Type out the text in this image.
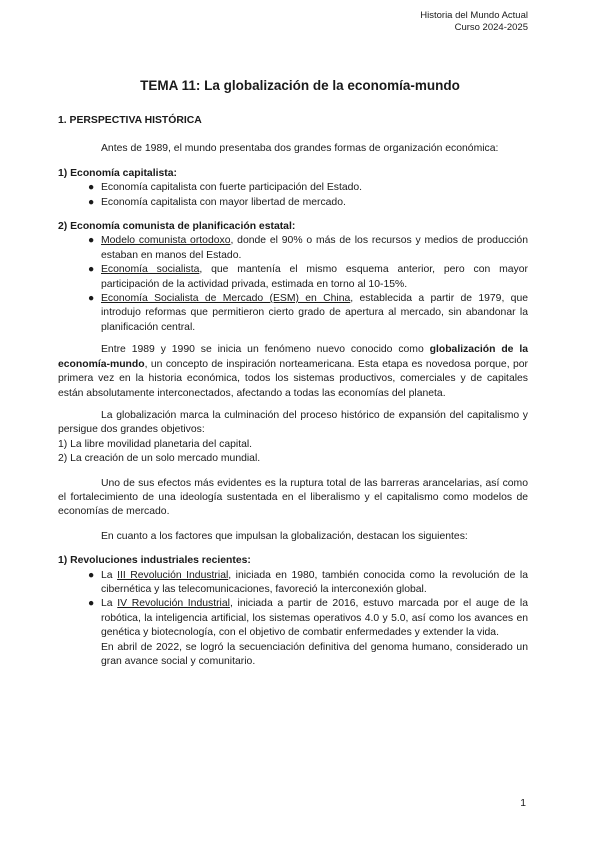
Historia del Mundo Actual
Curso 2024-2025
TEMA 11: La globalización de la economía-mundo
1. PERSPECTIVA HISTÓRICA

Antes de 1989, el mundo presentaba dos grandes formas de organización económica:

1) Economía capitalista:
● Economía capitalista con fuerte participación del Estado.
● Economía capitalista con mayor libertad de mercado.
2) Economía comunista de planificación estatal:
● Modelo comunista ortodoxo, donde el 90% o más de los recursos y medios de producción estaban en manos del Estado.
● Economía socialista, que mantenía el mismo esquema anterior, pero con mayor participación de la actividad privada, estimada en torno al 10-15%.
● Economía Socialista de Mercado (ESM) en China, establecida a partir de 1979, que introdujo reformas que permitieron cierto grado de apertura al mercado, sin abandonar la planificación central.

Entre 1989 y 1990 se inicia un fenómeno nuevo conocido como globalización de la economía-mundo, un concepto de inspiración norteamericana. Esta etapa es novedosa porque, por primera vez en la historia económica, todos los sistemas productivos, comerciales y de capitales están absolutamente interconectados, afectando a todas las economías del planeta.

La globalización marca la culminación del proceso histórico de expansión del capitalismo y persigue dos grandes objetivos:

1) La libre movilidad planetaria del capital.
2) La creación de un solo mercado mundial.

Uno de sus efectos más evidentes es la ruptura total de las barreras arancelarias, así como el fortalecimiento de una ideología sustentada en el liberalismo y el capitalismo como modelos de economías de mercado.

En cuanto a los factores que impulsan la globalización, destacan los siguientes:

1) Revoluciones industriales recientes:
● La III Revolución Industrial, iniciada en 1980, también conocida como la revolución de la cibernética y las telecomunicaciones, favoreció la interconexión global.
● La IV Revolución Industrial, iniciada a partir de 2016, estuvo marcada por el auge de la robótica, la inteligencia artificial, los sistemas operativos 4.0 y 5.0, así como los avances en genética y biotecnología, con el objetivo de combatir enfermedades y extender la vida.
En abril de 2022, se logró la secuenciación definitiva del genoma humano, considerado un gran avance social y comunitario.
1
